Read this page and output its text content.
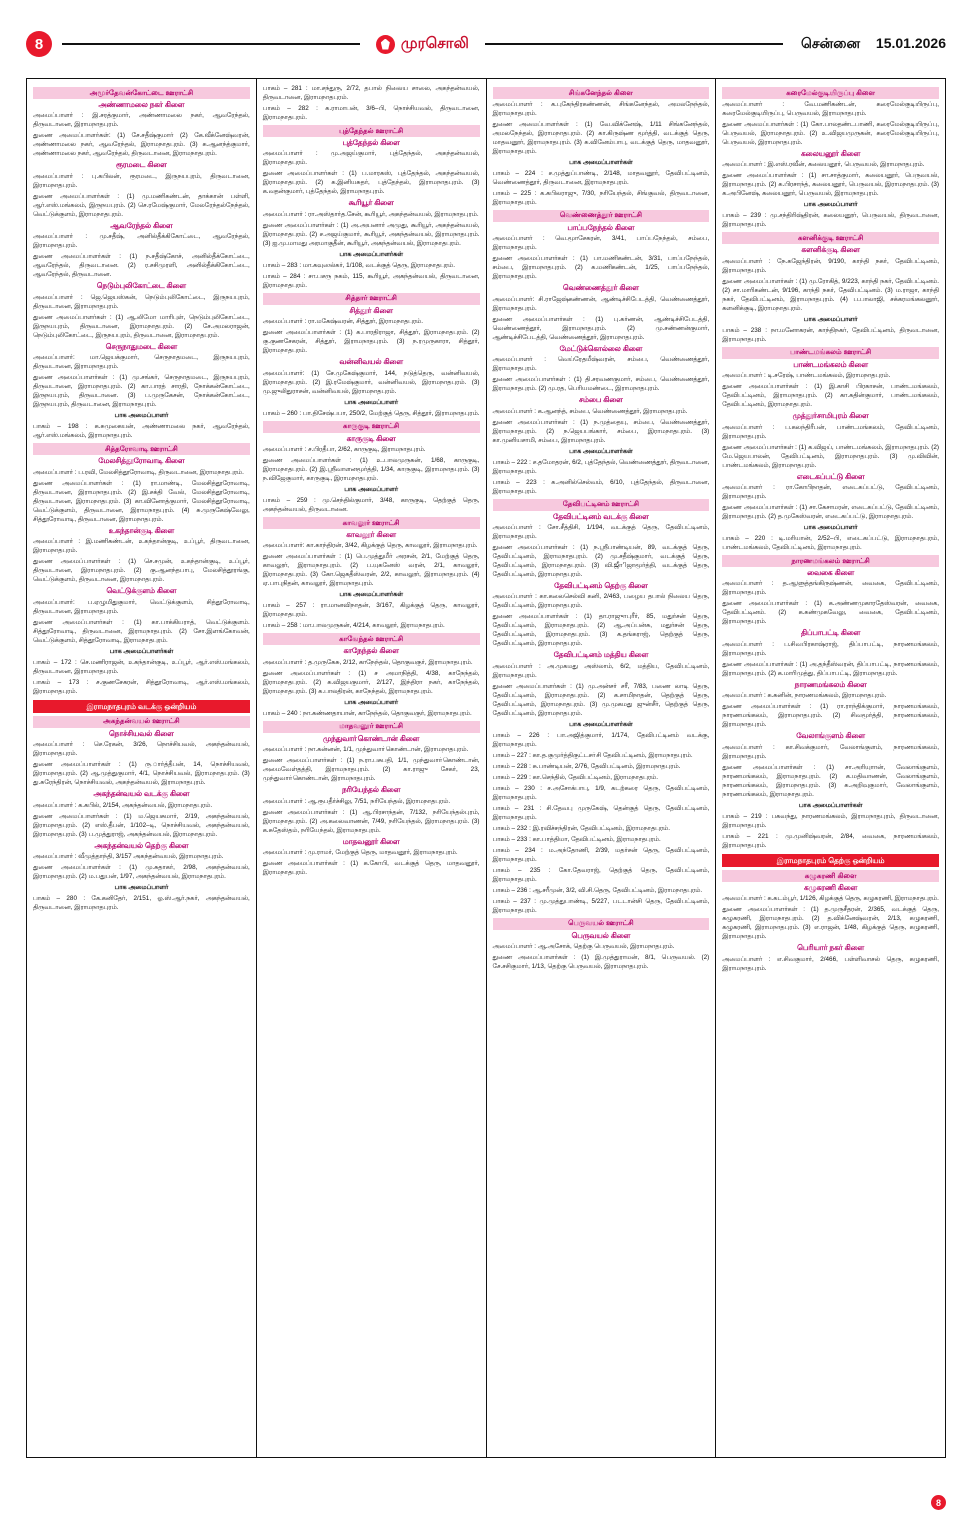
8	முரசொலி	சென்னை 15.01.2026
அமூர்தேவன்கோட்டை ஊராட்சி
அண்ணாமலை நகர் கிளை
அமைப்பாளர் : இ.சரத்குமார், அண்ணாமலை நகர், ஆவரேந்தல், திருவடானை, இராமநாதபுரம்.
துணை அமைப்பாளர்கள்: (1) சே.சதீஷ்குமார் (2) கே.வீக்னேஷ்வரன், அண்ணாமலை நகர், ஆவரேந்தல், இராமநாதபுரம். (3) க.ஆனந்த்குமார், அண்ணாமலை நகர், ஆவரேந்தல், திருவடானை, இராமநாதபுரம்.
ரூரமடை கிளை
அமைப்பாளர் : பு.கபிலன், ரூரமடை, இருநயபுரம், திருவடானை, இராமநாதபுரம்.
துணை அமைப்பாளர்கள் : (1) மு.மணிகண்டன், தாக்கான் பள்ளி, ஆர்.எஸ்.மங்கலம், இருநயபுரம். (2) செ.ரமேஷ்குமார், மேலரேந்தல்நேந்தல், வெட்டுக்குளம், இராமநாதபுரம்.
ஆவரேந்தல் கிளை
அமைப்பாளர் : மு.சதீஷ், அனில்தீக்கிகோட்டை, ஆவரேந்தல், இராமநாதபுரம்.
துணை அமைப்பாளர்கள் : (1) ந.சதீஷ்கோச், அனில்தீக்கோட்டை, ஆவரேந்தல், திருவடானை. (2) ர.சசிமுரளி, அனில்தீக்கிகோட்டை, ஆவரேந்தல், திருவடானை.
நெடும்புலிகோட்டை கிளை
அமைப்பாளர் : ஜெ.ஜெயஸ்கன், நெடும்புலிகோட்டை, இருநயபுரம், திருவடானை, இராமநாதபுரம்.
துணை அமைப்பாளர்கள் : (1) ஆ.லிமோ மாரிபுள், நெடும்புலிகோட்டை, இருநயபுரம், திருவடானை, இராமநாதபுரம். (2) சே.அமலராஜன், நெடும்புலிகோட்டை, இருநயபுரம், திருவடானை, இராமநாதபுரம்.
செருநாதுமடை கிளை
அமைப்பாளர்: மா.ஜெயக்குமார், செருநாதமடை, இருநயபுரம், திருவடானை, இராமநாதபுரம்.
துணை அமைப்பாளர்கள் : (1) மு.சங்கர், செருநாதமடை, இருநயபுரம், திருவடானை, இராமநாதபுரம். (2) கா.பாரத் சாரதி, நோக்கன்கோட்டை, இருநயபுரம், திருவடானை. (3) ப.முருகேசன், நோக்கன்கோட்டை, இருநயபுரம், திருவடானை, இராமநாதபுரம்.
பாக அமைப்பாளர்
பாகம் – 198 : க.சுமுகையன், அண்ணாமலை நகர், ஆவரேந்தல், ஆர்.எஸ்.மங்கலம், இராமநாதபுரம்.
சித்தரோவாடி ஊராட்சி
மேலசித்தூரோவாடி கிளை
அமைப்பாளர் : ப.ரவி, மேலசித்தூரோவாடி, திருவடானை, இராமநாதபுரம்.
துணை அமைப்பாளர்கள் : (1) ரா.மாண்டி, மேலசித்தூரோவாடி, திருவடானை, இராமநாதபுரம். (2) இ.சக்தி வேல், மேலசித்தூரோவாடி, திருவடானை, இராமநாதபுரம். (3) கா.வினோத்குமார், மேலசித்தூரோவாடி, வெட்டுக்குளம், திருவடானை, இராமநாதபுரம். (4) சு.முருகேஷ்வேலு, சித்தூரோவாடி, திருவடானை, இராமநாதபுரம்.
உகந்தான்குடி கிளை
அமைப்பாளர் : இ.மணிகண்டன், உகந்தான்குடி, உப்பூர், திருவடானை, இராமநாதபுரம்.
துணை அமைப்பாளர்கள் : (1) செ.சமுன், உகந்தான்குடி, உப்பூர், திருவடானை, இராமநாதபுரம். (2) கு.ஆனந்தபாபு, மேலசித்தூரங்கு, வெட்டுக்குளம், திருவடானை, இராமநாதபுரம்.
வெட்டுக்குளம் கிளை
அமைப்பாளர்: ப.ஏழுமிதுகுமார், வெட்டுக்குளம், சித்தூரோவாடி, திருவடானை, இராமநாதபுரம்.
துணை அமைப்பாளர்கள் : (1) கா.பாக்கியராத், வெட்டுக்குளம். சித்தூரோவாடி, திருவடானை, இராமநாதபுரம். (2) சோ.இளங்கோவன், வெட்டுக்குளம், சித்தூரோவாடி, இராமநாதபுரம்.
பாக அமைப்பாளர்கள்
பாகம் – 172 : செ.மணிராஜன், உகந்தான்குடி, உப்பூர், ஆர்.எஸ்.மங்கலம், திருவடானை, இராமநாதபுரம்.
பாகம் – 173 : ச.குணசேகரன், சித்தூரோவாடி, ஆர்.எஸ்.மங்கலம், இராமநாதபுரம்.
இராமநாதபுரம் வடக்கு ஒன்றியம்
அகந்தன்வயல் ஊராட்சி
நொச்சியவல் கிளை
அமைப்பாளர் : செ.ரேகன், 3/26, நொச்சியவல், அகந்தன்வயல், இராமநாதபுரம்.
துணை அமைப்பாளர்கள் : (1) ரு.ார்த்தீபன், 14, நொச்சியவல், இராமநாதபுரம். (2) ஆ.முத்துகுமார், 4/1, நொச்சியவல், இராமநாதபுரம். (3) து.சுரேந்திரன், நொச்சியவல், அகந்தன்வயல், இராமநாதபுரம்.
அகந்தன்வயல் வடக்கு கிளை
அமைப்பாளர் : க.கபில், 2/154, அகந்தன்வயல், இராமநாதபுரம்.
துணை அமைப்பாளர்கள் : (1) ம.ஜெயசுமார், 2/19, அகந்தன்வயல், இராமநாதபுரம். (2) எஸ்.தீபன், 1/102–டி, நொச்சியவல், அகந்தன்வயல், இராமநாதபுரம். (3) ப.முத்துராஜ், அகந்தன்வயல், இராமநாதபுரம்.
அகந்தன்வயல் தெற்கு கிளை
அமைப்பாளர் : வீமுத்தாந்தி, 3/157 அகந்தன்வயல், இராமநாதபுரம்.
துணை அமைப்பாளர்கள் : (1) மு.சுதாகர், 2/98, அகந்தன்வயல், இராமநாதபுரம். (2) ம.பதுபன், 1/97, அகந்தன்வயல், இராமநாதபுரம்.
பாக அமைப்பாளர்
பாகம் – 280 : கே.கனிதேர், 2/151, ஓ.ஸ்.ஆர்.நகர், அகந்தன்வயல், திருவடானை, இராமநாதபுரம்.
பாகம் – 281 : மா.சந்துரு, 2/72, தபால் நிலைய சாலை, அகந்தன்வயல், திருவடானை, இராமநாதபுரம்.
பாகம் – 282 : க.ராமாபன், 3/6–பி, நொச்சியவல், திருவடானை, இராமநாதபுரம்.
புத்தேந்தல் ஊராட்சி
புத்தேந்தல் கிளை
அமைப்பாளர் : மு.அஜய்குமார், புத்தேந்தல், அகந்தன்வயல், இராமநாதபுரம்.
துணை அமைப்பாளர்கள் : (1) ப.மாரகஸ், புத்தேந்தல், அகந்தன்வயல், இராமநாதபுரம். (2) க.இனியசுதர், புத்தேந்தல், இராமநாதபுரம். (3) க.வதன்குமார், புத்தேந்தல், இராமநாதபுரம்.
கூரியூர் கிளை
அமைப்பாளர் : ரா.அஸ்தார்த.சேன், கூரியூர், அகந்தன்வயல், இராமநாதபுரம்.
துணை அமைப்பாளர்கள் : (1) அ.அயனார் அமுது, கூரியூர், அகந்தன்வயல், இராமநாதபுரம். (2) ச.அஜய்குமார், கூரியூர், அகந்தன்வயல், இராமநாதபுரம். (3) ஐ.மு.மாமது அரமாகுதீன், கூரியூர், அகந்தன்வயல், இராமநாதபுரம்.
பாக அமைப்பாளர்கள்
பாகம் – 283 : மா.கவுஸல்கர், 1/108, வடக்குத் தெரு, இராமநாதபுரம்.
பாகம் – 284 : சா.பசரு நகம், 115, கூரியூர், அகந்தன்வயல், திருவடானை, இராமநாதபுரம்.
சித்தார் ஊராட்சி
சித்தூர் கிளை
அமைப்பாளர் : ரா.மகேஷ்வரன், சித்தூர், இராமநாதபுரம்.
துணை அமைப்பாளர்கள் : (1) க.பாரதிராஜா, சித்தூர், இராமநாதபுரம். (2) கு.குணசேகரன், சித்தூர், இராமநாதபுரம். (3) ந.ரமுருகாரா, சித்தூர், இராமநாதபுரம்.
வன்னிவயல் கிளை
அமைப்பாளர்: (1) சே.முகேஷ்குமார், 144, நடுத்தெரு, வன்னிவயல், இராமநாதபுரம். (2) இ.ரமேஷ்குமார், வன்னிவயல், இராமநாதபுரம். (3) மு.ஜுலிதுராசன், வன்னிவயல், இராமநாதபுரம்.
பாக அமைப்பாளர்
பாகம் – 260 : பா.திசேஷ்பபா, 250/2, மேற்குத் தெரு, சித்தூர், இராமநாதபுரம்.
காருகுடி ஊராட்சி
காருகுடி கிளை
அமைப்பாளர் : ச.பிரதீபா, 2/62, காருகுடி, இராமநாதபுரம்.
துணை அமைப்பாளர்கள் : (1) உ.பாலமுருகன், 1/68, காருகுடி, இராமநாதபுரம். (2) இ.ஸ்ரீவாளனமூர்த்தி, 1/34, காருகுடி, இராமநாதபுரம். (3) ந.விஜேகுமார், காருகுடி, இராமநாதபுரம்.
பாக அமைப்பாளர்
பாகம் – 259 : மு.செந்தில்குமார், 3/48, காருகுடி, தெற்குத் தெரு, அகந்தன்வயல், திருவடானை.
காவலூர் ஊராட்சி
காவலூர் கிளை
அமைப்பாளர்: கா.காந்திரன், 3/42, கிழக்குத் தெரு, காவலூர், இராமநாதபுரம்.
துணை அமைப்பாளர்கள் : (1) பெ.முத்துமீர் அரசன், 2/1, மேற்குத் தெரு, காவலூர், இராமநாதபுரம். (2) ப.யுகனேஸ் வரன், 2/1, காவலூர், இராமநாதபுரம். (3) கோ.ஜெகதீஸ்வரன், 2/2, காவலூர், இராமநாதபுரம். (4) ஏ.பாபுநிதன், காவலூர், இராமநாதபுரம்.
பாக அமைப்பாளர்கள்
பாகம் – 257 : ரா.மானவிநாதன், 3/167, கிழக்குத் தெரு, காவலூர், இராமநாதபுரம்.
பாகம் – 258 : மா.பாலமுருகன், 4/214, காவலூர், இராமநாதபுரம்.
காஙேந்தல் ஊராட்சி
காநேந்தல் கிளை
அமைப்பாளர் : த.முருகேசு, 2/12, காநேந்தல், தொகுவகுர், இராமநாதபுரம்.
துணை அமைப்பாளர்கள் : (1) ச அமாநித்தி, 4/38, காநேந்தல், இராமநாதபுரம். (2) க.விஜயகுமார், 2/127, இந்திரா நகர், காநேந்தல், இராமநாதபுரம். (3) க.பாலதிரன், காநேந்தல், இராமநாதபுரம்.
பாக அமைப்பாளர்
பாகம் – 240 : நா.கண்ணதாயான், காநேந்தல், தொகுவகுர், இராமநாதபுரம்.
மாதவனூர் ஊராட்சி
முந்துவாா்கொண்டான் கிளை
அமைப்பாளர் : நா.கன்னன், 1/1, முந்துவாா்கொண்டான், இராமநாதபுரம்.
துணை அமைப்பாளர்கள் : (1) ந.ரா.பசுபதி, 1/1, முந்துவாா்கொண்டான், அமைவேள்தத்தி, இராமநாதபுரம். (2) கா.ராஜு சேகர், 23, முந்துவாா்கொண்டான், இராமநாதபுரம்.
நரியேந்தல் கிளை
அமைப்பாளர் : ஆ.ரூபதீர்ச்சிலு, 7/51, நரியேந்தல், இராமநாதபுரம்.
துணை அமைப்பாளர்கள் : (1) ஆ.பிரசாந்தன், 7/132, நரியேந்தல்புரம், இராமநாதபுரம். (2) அ.கலைவாணன், 7/49, நரியேந்தல், இராமநாதபுரம். (3) க.சுதேஸ்தம், நரியேந்தல், இராமநாதபுரம்.
மாதவனூர் கிளை
அமைப்பாளர் : மு.ராமர், மேற்குத் தெரு, மாதவனூர், இராமநாதபுரம்.
துணை அமைப்பாளர்கள் : (1) க.கோபி, வடக்குத் தெரு, மாதவனூர், இராமநாதபுரம்.
சிங்கனேந்தல் கிளை
அமைப்பாளர் : க.புகேந்திரகண்ணன், சிங்கனேந்தல், அமலநேந்தல், இராமநாதபுரம்.
துணை அமைப்பாளர்கள் : (1) வே.விக்னேஷ், 1/11 சிங்கனேந்தல், அமலநேந்தல், இராமநாதபுரம். (2) கா.கிருஷ்ண மூர்த்தி, வடக்குத் தெரு, மாதவனூர், இராமநாதபுரம். (3) க.வினேம்பாபு, வடக்குத் தெரு, மாதவனூர், இராமநாதபுரம்.
பாக அமைப்பாளர்கள்
பாகம் – 224 : ச.முத்துப்பாண்டி, 2/148, மாதவனூர், தேவிபட்டினம், வெண்ணைத்தூர், திருவடானை, இராமநாதபுரம்.
பாகம் – 225 : க.கபிலராஜு, 7/30, நரியேந்தல், சிங்குவல், திருவடானை, இராமநாதபுரம்.
வெண்ணைத்தூர் ஊராட்சி
பாப்பநேந்தல் கிளை
அமைப்பாளர் : வெ.மூாசேகரன், 3/41, பாப்பநேந்தல், சம்பை, இராமநாதபுரம்.
துணை அமைப்பாளர்கள் : (1) பா.மணிகண்டன், 3/31, பாப்பநேந்தல், சம்பை, இராமநாதபுரம். (2) க.மணிகண்டன், 1/25, பாப்பநேந்தல், இராமநாதபுரம்.
வெண்ணைத்தூர் கிளை
அமைப்பாளர்: சி.ராஜேஷ்கண்ணன், ஆண்டிச்சிபேடத்தி, வெண்ணைத்தூர், இராமநாதபுரம்.
துணை அமைப்பாளர்கள் : (1) பு.கர்ணன், ஆண்டிச்சிபேடத்தி, வெண்ணைத்தூர், இராமநாதபுரம். (2) மு.சண்ணன்குமார், ஆண்டிச்சிபேடத்தி, வெண்ணைத்தூர், இராமநாதபுரம்.
மேட்டுக்கொல்லை கிளை
அமைப்பாளர் : வெய்ரேதமீஷ்வரன், சம்பை, வெண்ணைத்தூர், இராமநாதபுரம்.
துணை அமைப்பாளர்கள் : (1) தி.சரவணகுமார், சம்பை, வெண்ணைத்தூர், இராமநாதபுரம். (2) மு.ரத, பெரியமண்டை, இராமநாதபுரம்.
சம்பை கிளை
அமைப்பாளர் : க.ஆனந்த், சம்பை, வெண்ணைத்தூர், இராமநாதபுரம்.
துணை அமைப்பாளர்கள் : (1) ந.முத்தையு, சம்பை, வெண்ணைத்தூர், இராமநாதபுரம். (2) ந.ஜெயபங்கார், சம்பை, இராமநாதபுரம். (3) கா.முனியசாமி, சம்பை, இராமநாதபுரம்.
பாக அமைப்பாளர்கள்
பாகம் – 222 : ச.தமோதரன், 6/2, புத்தேந்தல், வெண்ணைத்தூர், திருவடானை, இராமநாதபுரம்.
பாகம் – 223 : க.அனில்செல்வம், 6/10, புத்தேந்தல், திருவடானை, இராமநாதபுரம்.
தேவிபட்டினம் ஊராட்சி
தேவிபட்டினம் வடக்கு கிளை
அமைப்பாளர் : சோ.சீத்திசி, 1/194, வடக்குத் தெரு, தேவிபட்டினம், இராமநாதபுரம்.
துணை அமைப்பாளர்கள் : (1) ந.ஸ்ரீபாண்டியன், 89, வடக்குத் தெரு, தேவிபட்டினம், இராமநாதபுரம். (2) மு.சதீஷ்குமார், வடக்குத் தெரு, தேவிபட்டினம், இராமநாதபுரம். (3) வி.ஜீாிஜாமூர்த்தி, வடக்குத் தெரு, தேவிபட்டினம், இராமநாதபுரம்.
தேவிபட்டினம் தெற்கு கிளை
அமைப்பாளர் : கா.கலைசெல்வி கனி, 2/463, பழைய தபால் நிலைய தெரு, தேவிபட்டினம், இராமநாதபுரம்.
துணை அமைப்பாளர்கள் : (1) தா.ராஜுாபுரீர், 85, மதுர்சன் தெரு, தேவிபட்டினம், இராமநாதபுரம். (2) ஆ.அப்பன்சு, மதுர்சன் தெரு, தேவிபட்டினம், இராமநாதபுரம். (3) க.தங்கராஜ், தெற்குத் தெரு, தேவிபட்டினம், இராமநாதபுரம்.
தேவிபட்டினம் மத்திய கிளை
அமைப்பாளர் : அ.முகமது அஸ்லாம், 6/2, மத்திய, தேவிபட்டினம், இராமநாதபுரம்.
துணை அமைப்பாளர்கள் : (1) மு.அன்சர் சரீ, 7/83, பணை லாடி தெரு, தேவிபட்டினம், இராமநாதபுரம். (2) க.சாமிநாதன், தெற்குத் தெரு, தேவிபட்டினம், இராமநாதபுரம். (3) மு.முகமது ஜுன்சீர், தெற்குத் தெரு, தேவிபட்டினம், இராமநாதபுரம்.
பாக அமைப்பாளர்கள்
பாகம் – 226 : பா.அஜித்குமார், 1/174, தேவிபட்டினம் வடக்கு, இராமநாதபுரம்.
பாகம் – 227 : கா.த.குமுர்த்திகுட்டசா்சி தேவிபட்டினம், இராமநாதபுரம்.
பாகம் – 228 : சு.பாண்டியன், 2/76, தேவிபட்டினம், இராமநாதபுரம்.
பாகம் – 229 : கா.செந்தில், தேவிபட்டினம், இராமநாதபுரம்.
பாகம் – 230 : ச.அசோக்பாபு, 1/9, கடற்கரை தெரு, தேவிபட்டினம், இராமநாதபுரம்.
பாகம் – 231 : சி.தேவபு முருகேஷ், தென்குத் தெரு, தேவிபட்டினம், இராமநாதபுரம்.
பாகம் – 232 : இ.ரவிச்சந்திரன், தேவிபட்டினம், இராமநாதபுரம்.
பாகம் – 233 : கா.பாத்திமா, தேவிபட்டினம், இராமநாதபுரம்.
பாகம் – 234 : ம.அந்தோணி, 2/39, மதர்சன் தெரு, தேவிபட்டினம், இராமநாதபுரம்.
பாகம் – 235 : கோ.தேவராஜ், தெற்குத் தெரு, தேவிபட்டினம், இராமநாதபுரம்.
பாகம் – 236 : ஆ.சரீமுன், 3/2, வி.சி.தெரு, தேவிபட்டினம், இராமநாதபுரம்.
பாகம் – 237 : மு.முத்துபாண்டி, 5/227, படடான்சி தெரு, தேவிபட்டினம், இராமநாதபுரம்.
பெருவயல் ஊராட்சி
பெருவயல் கிளை
அமைப்பாளர் : ஆ.அசோக், தெற்கு பெருவயல், இராமநாதபுரம்.
துணை அமைப்பாளர்கள் : (1) இ.முத்துராமன், 8/1, பெருவயல். (2) சே.சசிகுமார், 1/13, தெற்கு பெருவயல், இராமநாதபுரம்.
கரைமேல்குடியிருப்பு கிளை
அமைப்பாளர் : வே.மணிகண்டன், கரைமேல்குடியிருப்பு, கரைமேல்குடியிருப்பு, பெருவயல், இராமநாதபுரம்.
துணை அமைப்பாளர்கள் : (1) கோ.பாலதண்டபாணி, கரைமேல்குடியிருப்பு, பெருவயல், இராமநாதபுரம். (2) உ.விஜயமுருகன், கரைமேல்குடியிருப்பு, பெருவயல், இராமநாதபுரம்.
கலையனூர் கிளை
அமைப்பாளர் : இ.எஸ்.ரவீன், கலையனூர், பெருவயல், இராமநாதபுரம்.
துணை அமைப்பாளர்கள் : (1) சா.சாத்குமார், கலையனூர், பெருவயல், இராமநாதபுரம். (2) க.பிரசாந்த், கலையனூர், பெருவயல், இராமநாதபுரம். (3) க.அபினேஷ், கலையனூர், பெருவயல், இராமநாதபுரம்.
பாக அமைப்பாளர்
பாகம் – 239 : மு.சந்திரிஷ்திரன், கலையனூர், பெருவயல், திருவடானை, இராமநாதபுரம்.
களனிக்குடி ஊராட்சி
களனிக்குடி கிளை
அமைப்பாளர் : நே.கஜேந்திரன், 9/190, காந்தி நகர், தேவிபட்டினம், இராமநாதபுரம்.
துணை அமைப்பாளர்கள் : (1) மு.ரோகித், 9/223, காந்தி நகர், தேவிபட்டினம். (2) சா.மாரிகண்டன், 9/196, காந்தி நகர், தேவிபட்டினம். (3) ம.ராஜா, காந்தி நகர், தேவிபட்டினம், இராமநாதபுரம். (4) ப.பாலாஜி, சக்கரமங்கலனூர், களனிக்குடி, இராமநாதபுரம்.
பாக அமைப்பாளர்
பாகம் – 238 : நா.மனோகரன், காந்திநகர், தேவிபட்டினம், திருவடானை, இராமநாதபுரம்.
பாண்டமங்கலம் ஊராட்சி
பாண்டமங்கலம் கிளை
அமைப்பாளர் : டி.சரேஷ், பாண்டமங்கலம், இராமநாதபுரம்.
துணை அமைப்பாளர்கள் : (1) இ.காசி பிரகாசன், பாண்டமங்கலம், தேவிபட்டினம், இராமநாதபுரம். (2) கா.கதின்குமார், பாண்டமங்கலம், தேவிபட்டினம், இராமநாதபுரம்.
முத்தூர்சாமிபுரம் கிளை
அமைப்பாளர் : ப.கலந்திரீபன், பாண்டமங்கலம், தேவிபட்டினம், இராமநாதபுரம்.
துணை அமைப்பாளர்கள் : (1) க.விஜய், பாண்டமங்கலம், இராமநாதபுரம். (2) மே.ஜெயபாலன், தேவிபட்டினம், இராமநாதபுரம். (3) மு.விவின், பாண்டமங்கலம், இராமநாதபுரம்.
எடைகப்பட்டு கிளை
அமைப்பாளர் : ரா.கோபிநாதன், எடைகப்பட்டு, தேவிபட்டினம், இராமநாதபுரம்.
துணை அமைப்பாளர்கள் : (1) சா.கேசாமரன், எடைகப்பட்டு, தேவிபட்டினம், இராமநாதபுரம். (2) த.முகேஸ்வரன், எடைகப்பட்டு, இராமநாதபுரம்.
பாக அமைப்பாளர்
பாகம் – 220 : டி.மரியான், 2/52–பி, எடைகப்பட்டு, இராமநாதபுரம், பாண்டமங்கலம், தேவிபட்டினம், இராமநாதபுரம்.
நாரணமங்கலம் ஊராட்சி
வைகை கிளை
அமைப்பாளர் : த.ஆளுத்தங்கிருஷ்ணன், வைகை, தேவிபட்டினம், இராமநாதபுரம்.
துணை அமைப்பாளர்கள் : (1) க.அண்ணமுகாரதேஸ்வரன், வைகை, தேவிபட்டினம். (2) க.கண்முகவேலு, வைகை, தேவிபட்டினம், இராமநாதபுரம்.
திப்பாபட்டி கிளை
அமைப்பாளர் : ப.சிவபிரகாஷ்ராஜ், திப்பாபட்டி, நாரணமங்கலம், இராமநாதபுரம்.
துணை அமைப்பாளர்கள் : (1) அ.தந்தீஸ்வரன், திப்பாபட்டி, நாரணமங்கலம், இராமநாதபுரம். (2) க.மாரிமுத்து, திப்பாபட்டி, இராமநாதபுரம்.
நாரணமங்கலம் கிளை
அமைப்பாளர் : க.கனின், நாரணமங்கலம், இராமநாதபுரம்.
துணை அமைப்பாளர்கள் : (1) ரா.ராந்திக்குமார், நாரணமங்கலம், நாரணமங்கலம், இராமநாதபுரம். (2) சிவமூர்த்தி, நாரணமங்கலம், இராமநாதபுரம்.
வேலாங்குளம் கிளை
அமைப்பாளர் : கா.சிவக்குமார், வேலாங்குளம், நாரணமங்கலம், இராமநாதபுரம்.
துணை அமைப்பாளர்கள் : (1) சா.அரியுாான், வேலாங்குளம், நாரணமங்கலம், இராமநாதபுரம். (2) க.மதிவாணன், வேலாங்குளம், நாரணமங்கலம், இராமநாதபுரம். (3) க.அறிவுகுமார், வேலாங்குளம், நாரணமங்கலம், இராமநாதபுரம்.
பாக அமைப்பாளர்கள்
பாகம் – 219 : பகவந்து, நாரணமங்கலம், இராமநாதபுரம், திருவடானை, இராமநாதபுரம்.
பாகம் – 221 : மு.முனிஷ்வரன், 2/84, வைகை, நாரணமங்கலம், இராமநாதபுரம்.
இராமநாதபுரம் தெற்கு ஒன்றியம்
கழுகரணி கிளை
கழுகரணி கிளை
அமைப்பாளர் : க.கடம்பூர், 1/126, கிழக்குத் தெரு, கழுகரணி, இராமநாதபுரம்.
துணை அமைப்பாளர்கள் : (1) த.முருசீதரன், 2/365, வடக்குத் தெரு, கழுகரணி, இராமநாதபுரம். (2) த.விக்னேஷ்வரன், 2/13, கழுகரணி, கழுகரணி, இராமநாதபுரம். (3) எ.ராஜன், 1/48, கிழக்குத் தெரு, கழுகரணி, இராமநாதபுரம்.
பெரியார் நகர் கிளை
அமைப்பாளர் : எ.சிவகுமார், 2/466, பள்ளிவாசல் தெரு, கழுகரணி, இராமநாதபுரம்.
8
